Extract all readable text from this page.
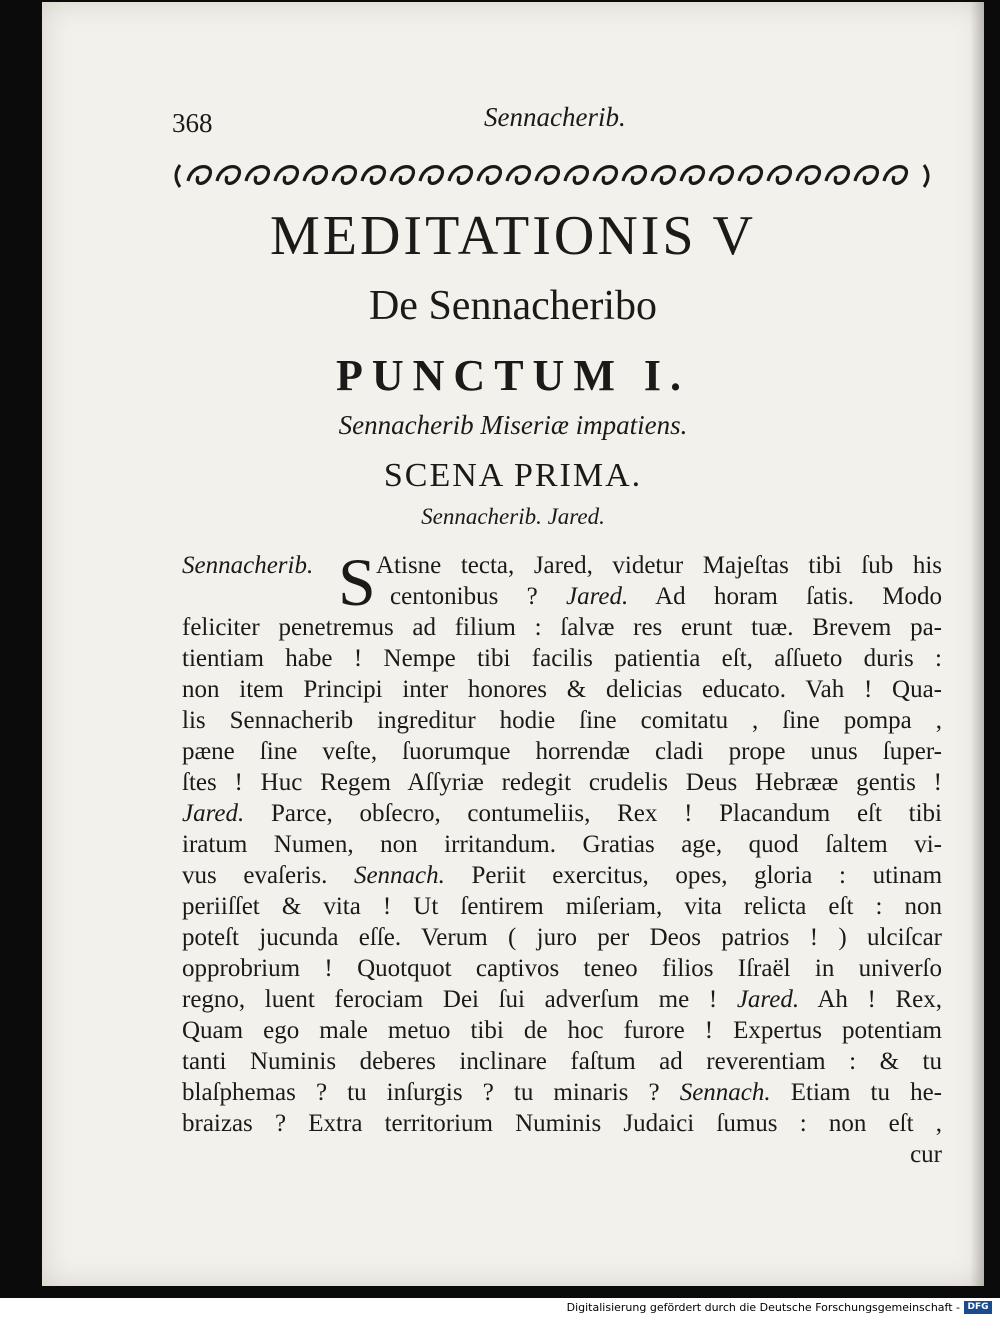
368	Sennacherib.
MEDITATIONIS V
De Sennacheribo
PUNCTUM I.
Sennacherib Miseriæ impatiens.
SCENA PRIMA.
Sennacherib. Jared.
Sennacherib. S Atisne tecta, Jared, videtur Majeſtas tibi ſub his
centonibus ? Jared. Ad horam ſatis. Modo
feliciter penetremus ad filium : ſalvæ res erunt tuæ. Brevem pa-
tientiam habe ! Nempe tibi facilis patientia eſt, aſſueto duris :
non item Principi inter honores & delicias educato. Vah ! Qua-
lis Sennacherib ingreditur hodie ſine comitatu , ſine pompa ,
pæne ſine veſte, ſuorumque horrendæ cladi prope unus ſuper-
ſtes ! Huc Regem Aſſyriæ redegit crudelis Deus Hebrææ gentis !
Jared. Parce, obſecro, contumeliis, Rex ! Placandum eſt tibi
iratum Numen, non irritandum. Gratias age, quod ſaltem vi-
vus evaſeris. Sennach. Periit exercitus, opes, gloria : utinam
periiſſet & vita ! Ut ſentirem miſeriam, vita relicta eſt : non
poteſt jucunda eſſe. Verum ( juro per Deos patrios ! ) ulciſcar
opprobrium ! Quotquot captivos teneo filios Iſraël in univerſo
regno, luent ferociam Dei ſui adverſum me ! Jared. Ah ! Rex,
Quam ego male metuo tibi de hoc furore ! Expertus potentiam
tanti Numinis deberes inclinare faſtum ad reverentiam : & tu
blaſphemas ? tu inſurgis ? tu minaris ? Sennach. Etiam tu he-
braizas ? Extra territorium Numinis Judaici ſumus : non eſt ,
cur
Digitalisierung gefördert durch die Deutsche Forschungsgemeinschaft - DFG
